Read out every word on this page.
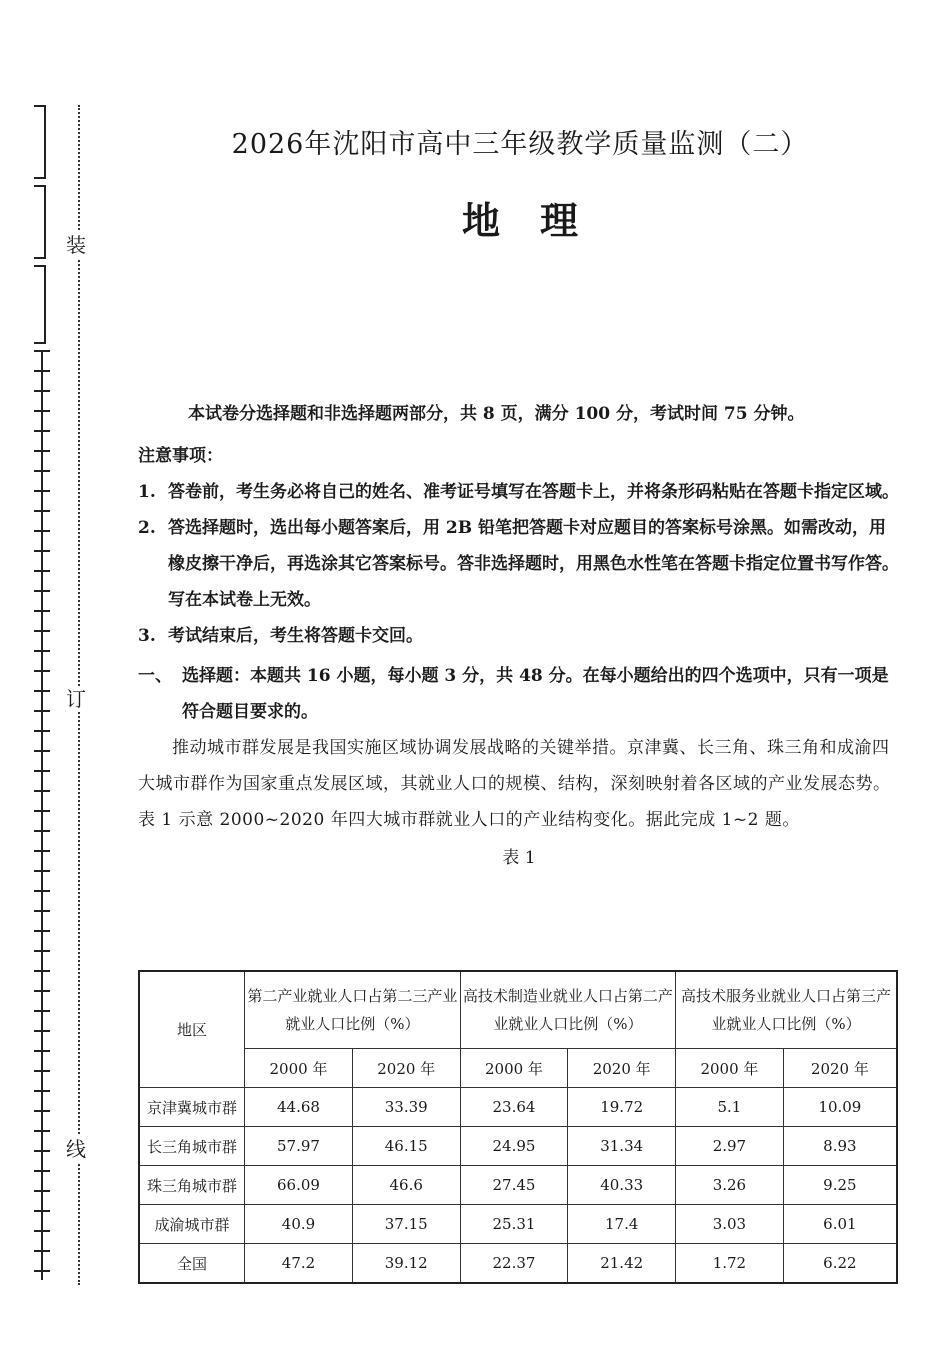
装
订
线
2026年沈阳市高中三年级教学质量监测（二）
地理

本试卷分选择题和非选择题两部分，共 8 页，满分 100 分，考试时间 75 分钟。

注意事项：

1. 答卷前，考生务必将自己的姓名、准考证号填写在答题卡上，并将条形码粘贴在答题卡指定区域。
2. 答选择题时，选出每小题答案后，用 2B 铅笔把答题卡对应题目的答案标号涂黑。如需改动，用橡皮擦干净后，再选涂其它答案标号。答非选择题时，用黑色水性笔在答题卡指定位置书写作答。写在本试卷上无效。
3. 考试结束后，考生将答题卡交回。
一、 选择题：本题共 16 小题，每小题 3 分，共 48 分。在每小题给出的四个选项中，只有一项是符合题目要求的。

推动城市群发展是我国实施区域协调发展战略的关键举措。京津冀、长三角、珠三角和成渝四大城市群作为国家重点发展区域，其就业人口的规模、结构，深刻映射着各区域的产业发展态势。表 1 示意 2000~2020 年四大城市群就业人口的产业结构变化。据此完成 1~2 题。

表 1

地区	第二产业就业人口占第二三产业就业人口比例（%）		高技术制造业就业人口占第二产业就业人口比例（%）		高技术服务业就业人口占第三产业就业人口比例（%）	
	2000 年	2020 年	2000 年	2020 年	2000 年	2020 年
京津冀城市群	44.68	33.39	23.64	19.72	5.1	10.09
长三角城市群	57.97	46.15	24.95	31.34	2.97	8.93
珠三角城市群	66.09	46.6	27.45	40.33	3.26	9.25
成渝城市群	40.9	37.15	25.31	17.4	3.03	6.01
全国	47.2	39.12	22.37	21.42	1.72	6.22
